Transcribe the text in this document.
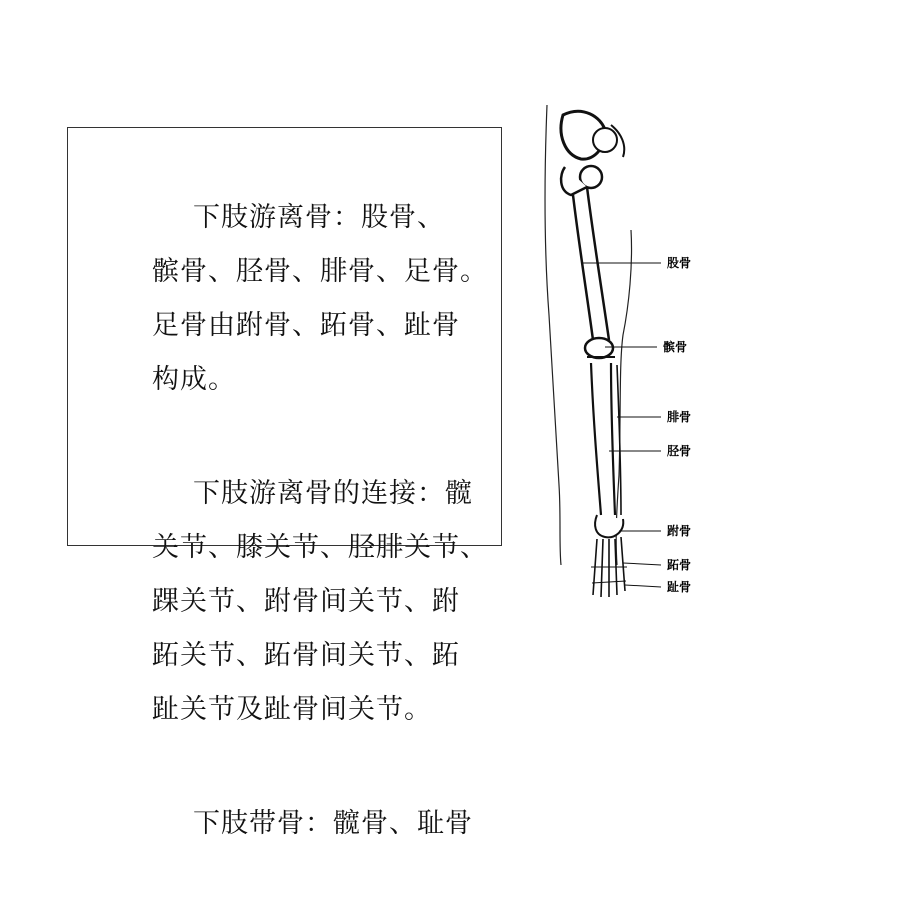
下肢游离骨：股骨、
髌骨、胫骨、腓骨、足骨。
足骨由跗骨、跖骨、趾骨
构成。

下肢游离骨的连接：髋
关节、膝关节、胫腓关节、
踝关节、跗骨间关节、跗
跖关节、跖骨间关节、跖
趾关节及趾骨间关节。

下肢带骨：髋骨、耻骨

股骨
髌骨
腓骨
胫骨
跗骨
跖骨
趾骨
